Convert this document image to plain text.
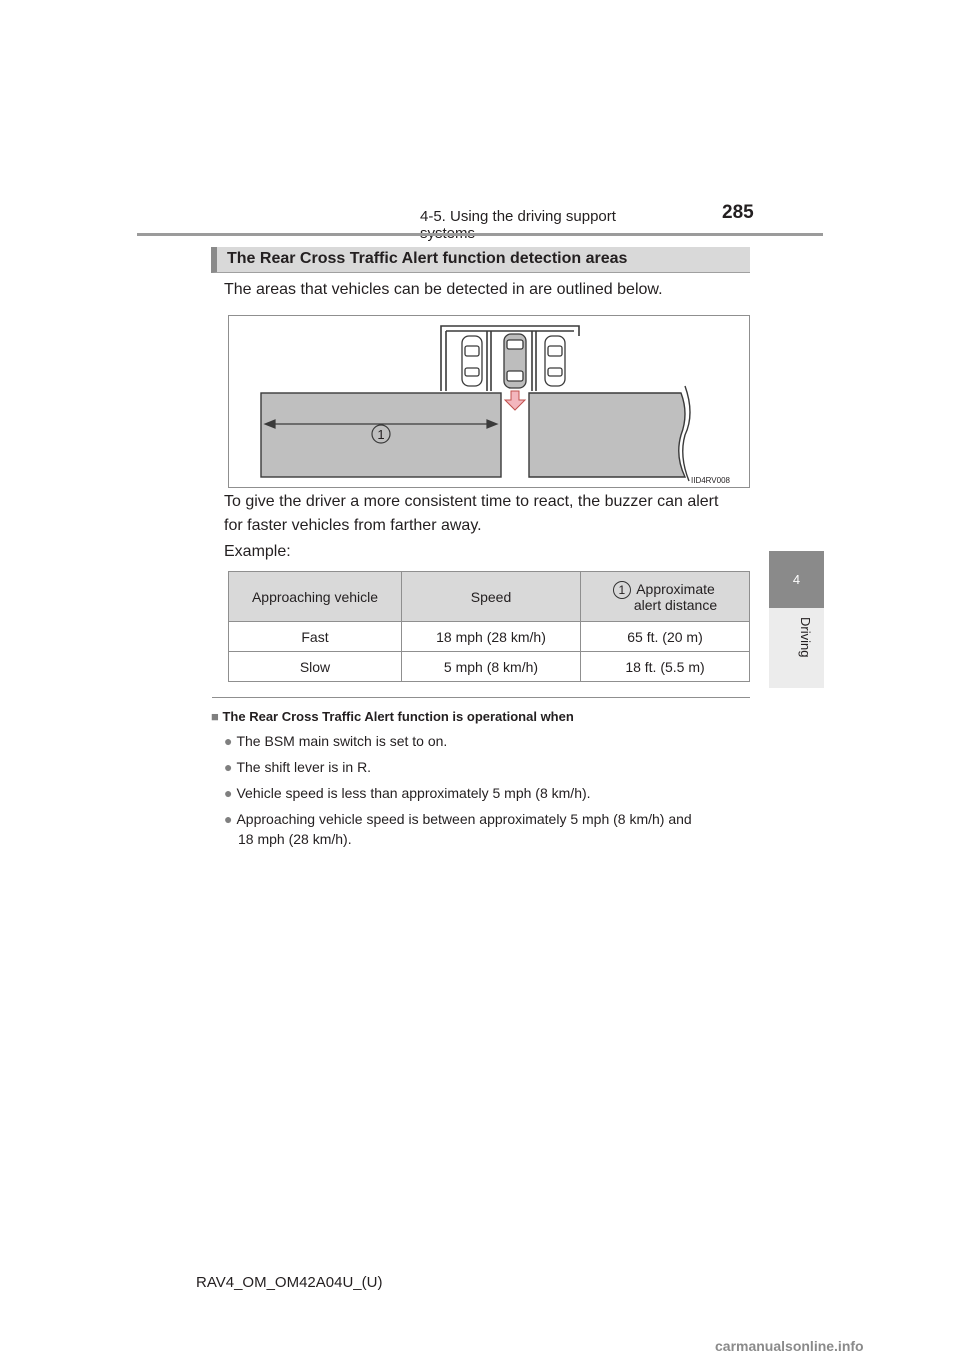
4-5. Using the driving support	285
4
Driving
The Rear Cross Traffic Alert function detection areas
The areas that vehicles can be detected in are outlined below.
1
IID4RV008
To give the driver a more consistent time to react, the buzzer can alert
for faster vehicles from farther away.
Example:
Approaching vehicle	Speed	1 Approximate
alert distance
Fast	18 mph (28 km/h)	65 ft. (20 m)
Slow	5 mph (8 km/h)	18 ft. (5.5 m)
■ The Rear Cross Traffic Alert function is operational when
● The BSM main switch is set to on.
● The shift lever is in R.
● Vehicle speed is less than approximately 5 mph (8 km/h).
● Approaching vehicle speed is between approximately 5 mph (8 km/h) and
18 mph (28 km/h).
RAV4_OM_OM42A04U_(U)
carmanualsonline.info
